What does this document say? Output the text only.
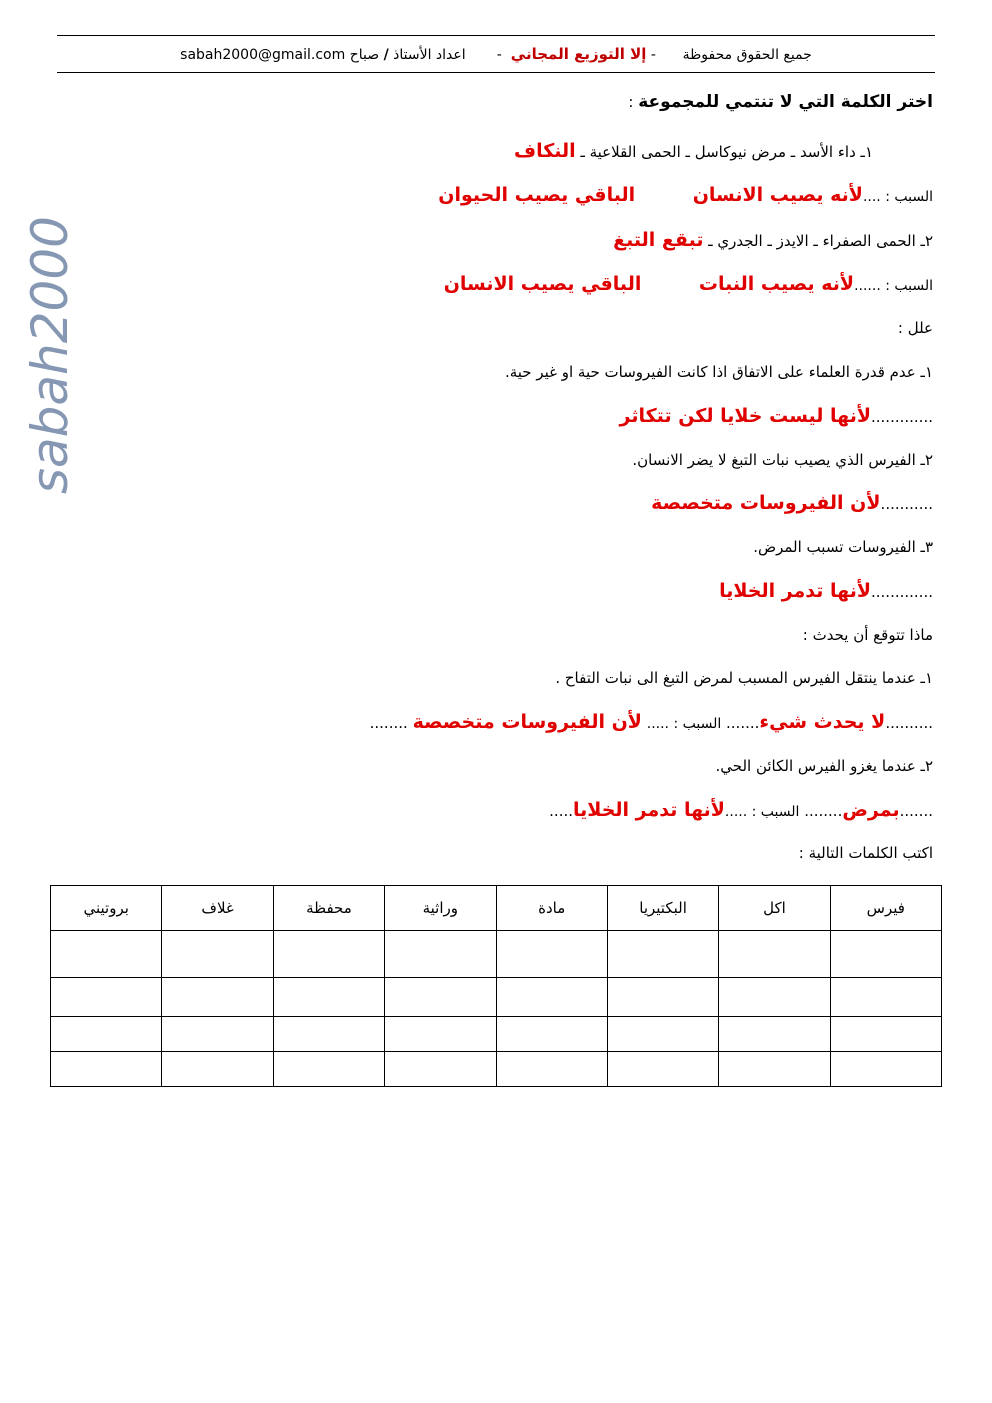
جميع الحقوق محفوظة      - إلا التوزيع المجاني  -       اعداد الأستاذ / صباح sabah2000@gmail.com
sabah2000
اختر الكلمة التي لا تنتمي للمجموعة :
١ـ داء الأسد ـ مرض نيوكاسل ـ الحمى القلاعية ـ النكاف
السبب : ....لأنه يصيب الانسان  الباقي يصيب الحيوان
٢ـ الحمى الصفراء ـ الايدز ـ الجدري ـ تبقع التبغ
السبب : ......لأنه يصيب النبات  الباقي يصيب الانسان
علل :
١ـ عدم قدرة العلماء على الاتفاق اذا كانت الفيروسات حية او غير حية.
.............لأنها ليست خلايا لكن تتكاثر
٢ـ الفيرس الذي يصيب نبات التبغ لا يضر الانسان.
...........لأن الفيروسات متخصصة
٣ـ الفيروسات تسبب المرض.
.............لأنها تدمر الخلايا
ماذا تتوقع أن يحدث :
١ـ عندما ينتقل الفيرس المسبب لمرض التبغ الى نبات التفاح .
..........لا يحدث شيء....... السبب : ..... لأن الفيروسات متخصصة ........
٢ـ عندما يغزو الفيرس الكائن الحي.
.......بمرض........ السبب : .....لأنها تدمر الخلايا.....
اكتب الكلمات التالية :
فيرس	اكل	البكتيريا	مادة	وراثية	محفظة	غلاف	بروتيني
